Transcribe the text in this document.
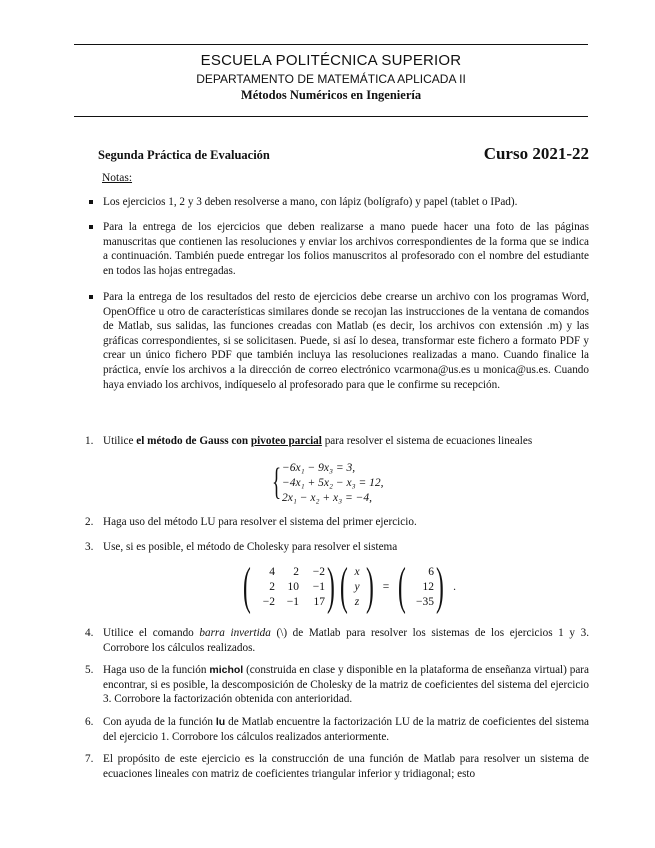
ESCUELA POLITÉCNICA SUPERIOR
DEPARTAMENTO DE MATEMÁTICA APLICADA II
Métodos Numéricos en Ingeniería
Segunda Práctica de Evaluación	Curso 2021-22
Notas:
Los ejercicios 1, 2 y 3 deben resolverse a mano, con lápiz (bolígrafo) y papel (tablet o IPad).
Para la entrega de los ejercicios que deben realizarse a mano puede hacer una foto de las páginas manuscritas que contienen las resoluciones y enviar los archivos correspondientes de la forma que se indica a continuación. También puede entregar los folios manuscritos al profesorado con el nombre del estudiante en todos las hojas entregadas.
Para la entrega de los resultados del resto de ejercicios debe crearse un archivo con los programas Word, OpenOffice u otro de características similares donde se recojan las instrucciones de la ventana de comandos de Matlab, sus salidas, las funciones creadas con Matlab (es decir, los archivos con extensión .m) y las gráficas correspondientes, si se solicitasen. Puede, si así lo desea, transformar este fichero a formato PDF y crear un único fichero PDF que también incluya las resoluciones realizadas a mano. Cuando finalice la práctica, envíe los archivos a la dirección de correo electrónico vcarmona@us.es u monica@us.es. Cuando haya enviado los archivos, indíqueselo al profesorado para que le confirme su recepción.
1. Utilice el método de Gauss con pivoteo parcial para resolver el sistema de ecuaciones lineales
{ −6x₁ − 9x₃ = 3,
−4x₁ + 5x₂ − x₃ = 12,
2x₁ − x₂ + x₃ = −4,
2. Haga uso del método LU para resolver el sistema del primer ejercicio.
3. Use, si es posible, el método de Cholesky para resolver el sistema
(	4	2	−2
2	10	−1
−2	−1	17 ) ( x
y
z ) = (	6
12
−35 ) .
4. Utilice el comando barra invertida (\) de Matlab para resolver los sistemas de los ejercicios 1 y 3. Corrobore los cálculos realizados.
5. Haga uso de la función michol (construida en clase y disponible en la plataforma de enseñanza virtual) para encontrar, si es posible, la descomposición de Cholesky de la matriz de coeficientes del sistema del ejercicio 3. Corrobore la factorización obtenida con anterioridad.
6. Con ayuda de la función lu de Matlab encuentre la factorización LU de la matriz de coeficientes del sistema del ejercicio 1. Corrobore los cálculos realizados anteriormente.
7. El propósito de este ejercicio es la construcción de una función de Matlab para resolver un sistema de ecuaciones lineales con matriz de coeficientes triangular inferior y tridiagonal; esto
